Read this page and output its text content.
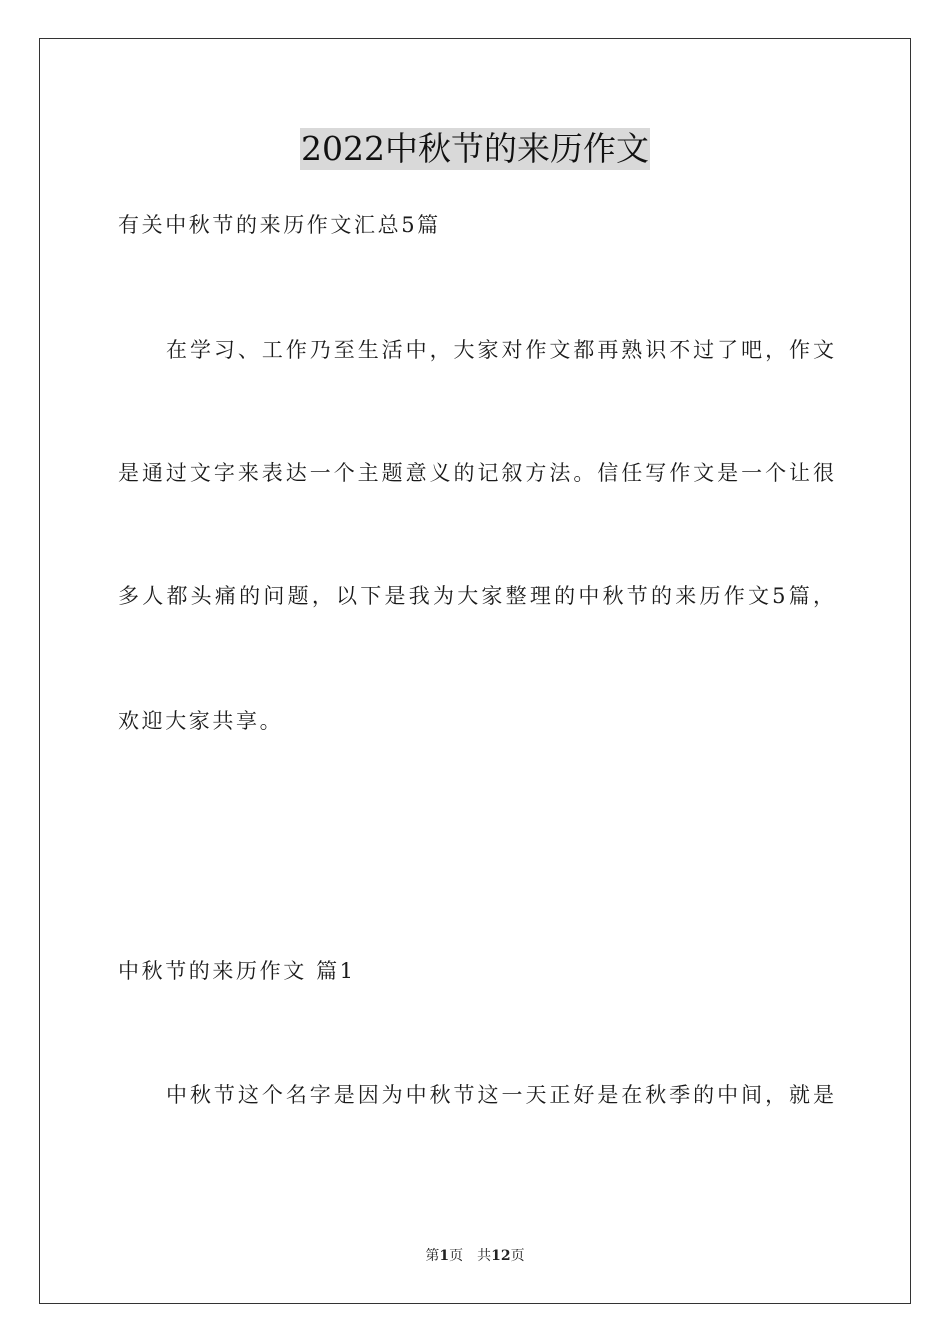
2022中秋节的来历作文
有关中秋节的来历作文汇总5篇
在学习、工作乃至生活中，大家对作文都再熟识不过了吧，作文
是通过文字来表达一个主题意义的记叙方法。信任写作文是一个让很
多人都头痛的问题，以下是我为大家整理的中秋节的来历作文5篇，
欢迎大家共享。
中秋节的来历作文 篇1
中秋节这个名字是因为中秋节这一天正好是在秋季的中间，就是
第1页 共12页
